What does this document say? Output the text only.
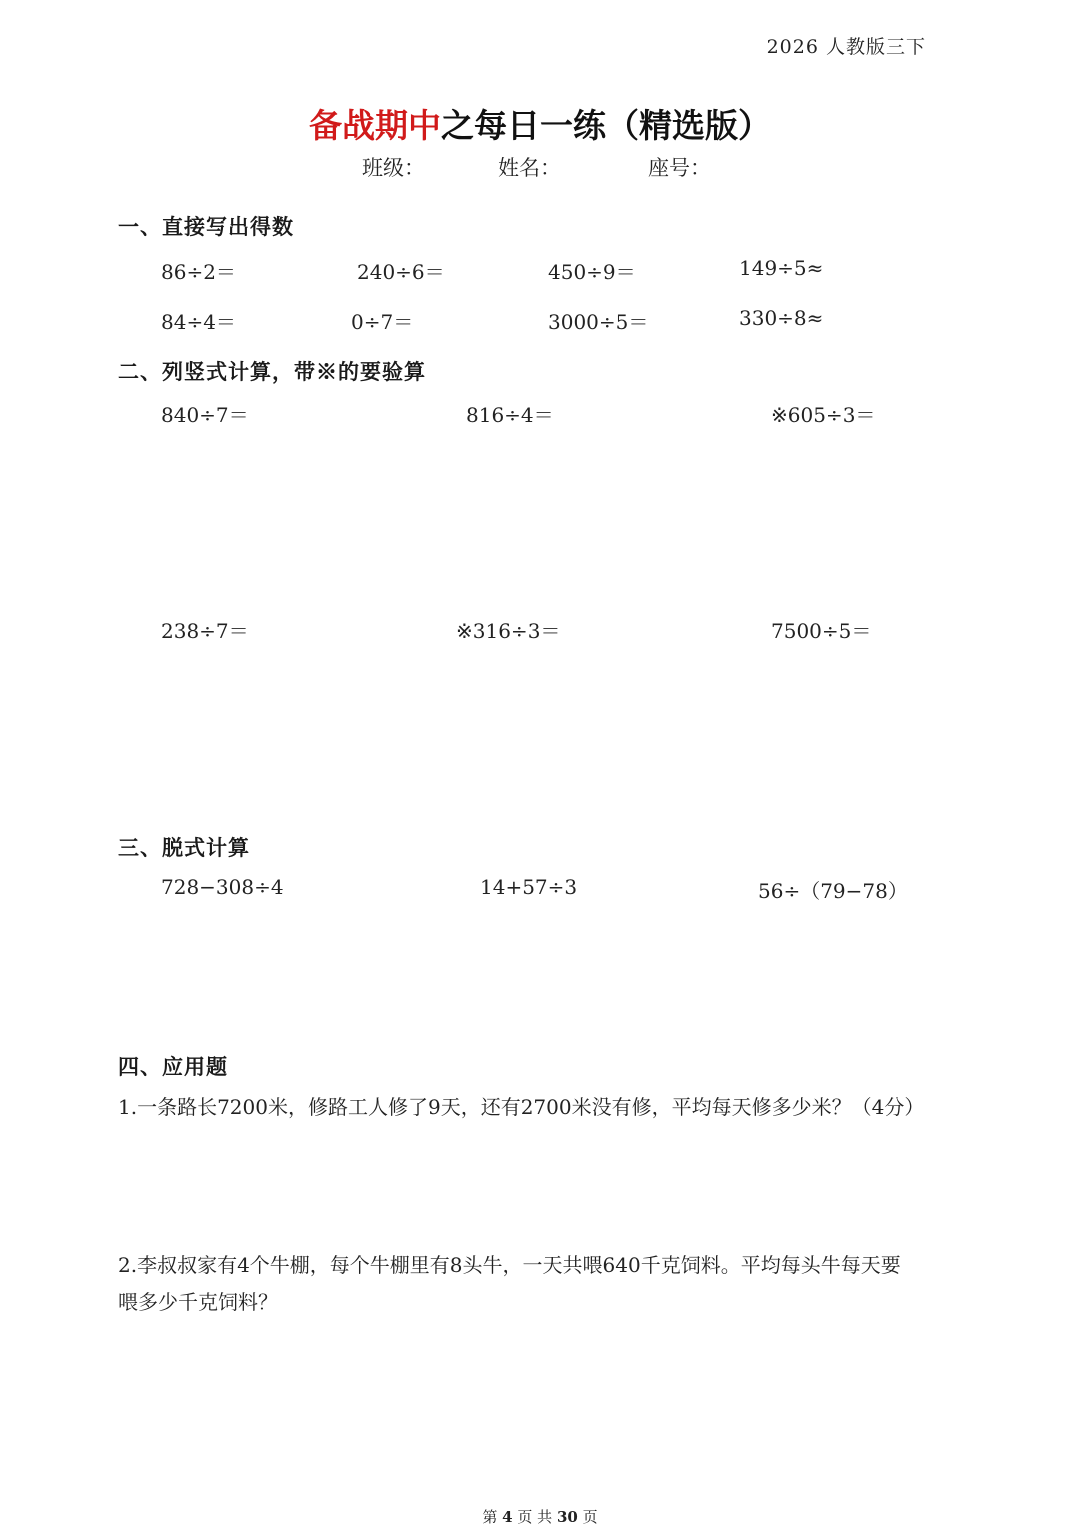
2026 人教版三下
备战期中之每日一练（精选版）
班级：	姓名：	座号：
一、直接写出得数
86÷2＝	240÷6＝	450÷9＝	149÷5≈
84÷4＝	0÷7＝	3000÷5＝	330÷8≈
二、列竖式计算，带※的要验算
840÷7＝	816÷4＝	※605÷3＝
238÷7＝	※316÷3＝	7500÷5＝
三、脱式计算
728−308÷4	14+57÷3	56÷（79−78）
四、应用题
1.一条路长7200米，修路工人修了9天，还有2700米没有修，平均每天修多少米？（4分）
2.李叔叔家有4个牛棚，每个牛棚里有8头牛，一天共喂640千克饲料。平均每头牛每天要
喂多少千克饲料？
第 4 页 共 30 页
